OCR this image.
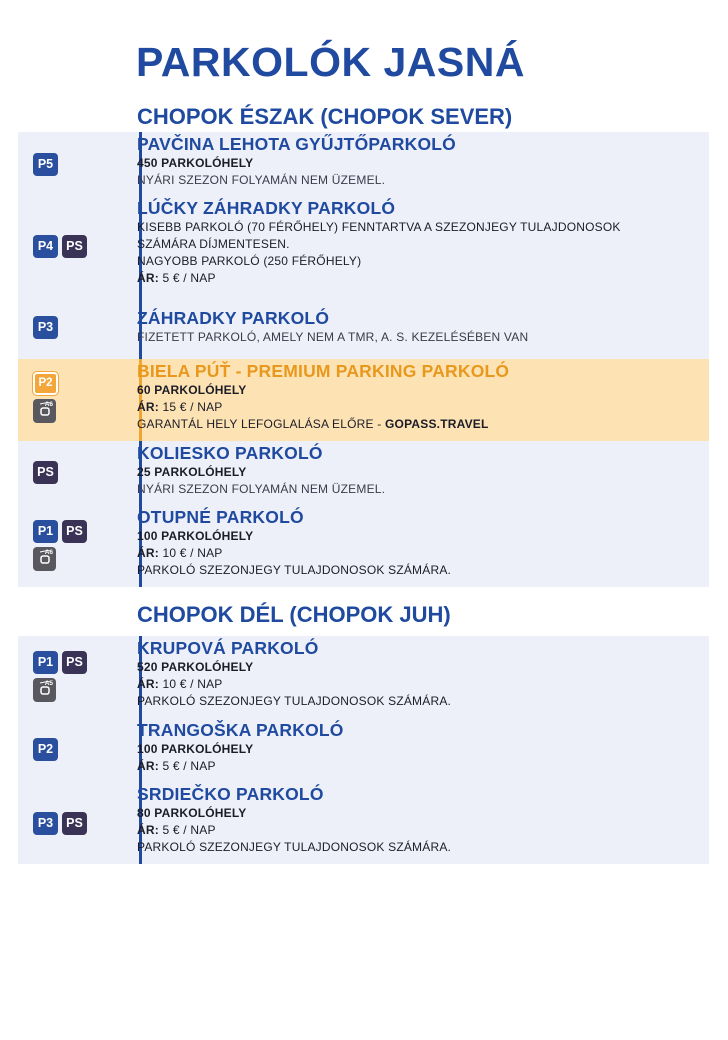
PARKOLÓK JASNÁ
CHOPOK ÉSZAK (CHOPOK SEVER)
P5
PAVČINA LEHOTA GYŰJTŐPARKOLÓ
450 PARKOLÓHELY
NYÁRI SZEZON FOLYAMÁN NEM ÜZEMEL.
P4	PS
LÚČKY ZÁHRADKY PARKOLÓ
KISEBB PARKOLÓ (70 FÉRŐHELY) FENNTARTVA A SZEZONJEGY TULAJDONOSOK
SZÁMÁRA DÍJMENTESEN.
NAGYOBB PARKOLÓ (250 FÉRŐHELY)
ÁR: 5 € / NAP
P3	ZÁHRADKY PARKOLÓ
FIZETETT PARKOLÓ, AMELY NEM A TMR, A. S. KEZELÉSÉBEN VAN
P2
A6
BIELA PÚŤ - PREMIUM PARKING PARKOLÓ
60 PARKOLÓHELY
ÁR: 15 € / NAP
GARANTÁL HELY LEFOGLALÁSA ELŐRE - GOPASS.TRAVEL
PS
KOLIESKO PARKOLÓ
25 PARKOLÓHELY
NYÁRI SZEZON FOLYAMÁN NEM ÜZEMEL.
P1	PS
A6
OTUPNÉ PARKOLÓ
100 PARKOLÓHELY
ÁR: 10 € / NAP
PARKOLÓ SZEZONJEGY TULAJDONOSOK SZÁMÁRA.
CHOPOK DÉL (CHOPOK JUH)
P1	PS
A5
KRUPOVÁ PARKOLÓ
520 PARKOLÓHELY
ÁR: 10 € / NAP
PARKOLÓ SZEZONJEGY TULAJDONOSOK SZÁMÁRA.
P2
TRANGOŠKA PARKOLÓ
100 PARKOLÓHELY
ÁR: 5 € / NAP
P3	PS
SRDIEČKO PARKOLÓ
80 PARKOLÓHELY
ÁR: 5 € / NAP
PARKOLÓ SZEZONJEGY TULAJDONOSOK SZÁMÁRA.
